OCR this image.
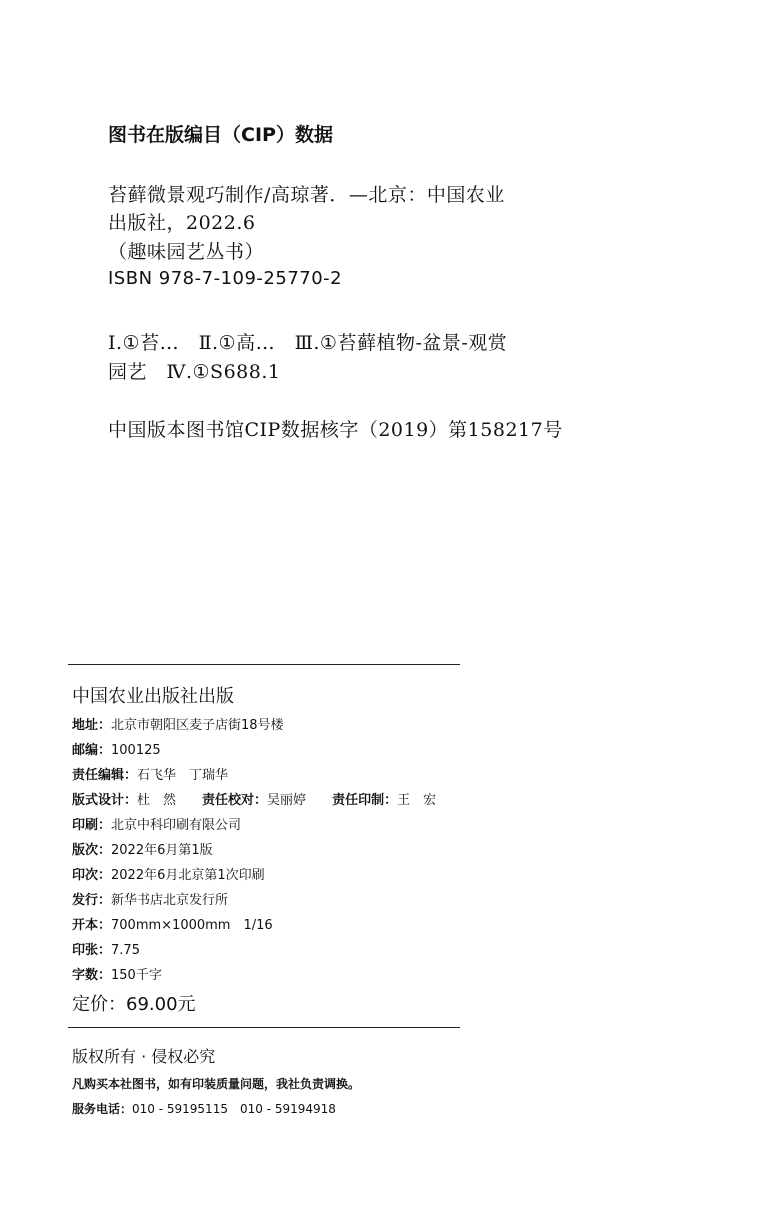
图书在版编目（CIP）数据
苔藓微景观巧制作/高琼著．—北京：中国农业
出版社，2022.6
（趣味园艺丛书）
ISBN 978-7-109-25770-2
Ⅰ.①苔…　Ⅱ.①高…　Ⅲ.①苔藓植物-盆景-观赏
园艺　Ⅳ.①S688.1
中国版本图书馆CIP数据核字（2019）第158217号
中国农业出版社出版
地址：北京市朝阳区麦子店街18号楼
邮编：100125
责任编辑：石飞华　丁瑞华
版式设计：杜　然 责任校对：吴丽婷 责任印制：王　宏
印刷：北京中科印刷有限公司
版次：2022年6月第1版
印次：2022年6月北京第1次印刷
发行：新华书店北京发行所
开本：700mm×1000mm　1/16
印张：7.75
字数：150千字
定价：69.00元
版权所有 · 侵权必究
凡购买本社图书，如有印装质量问题，我社负责调换。
服务电话：010 - 59195115　010 - 59194918
